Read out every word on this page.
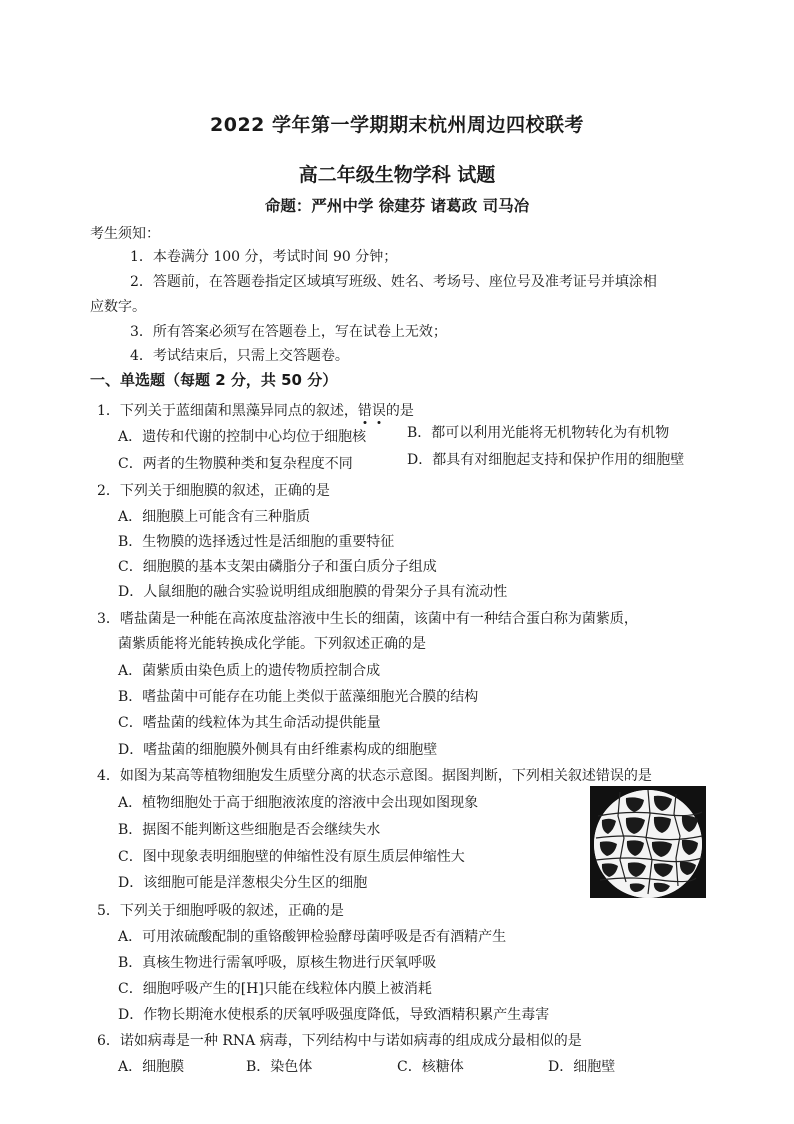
2022 学年第一学期期末杭州周边四校联考
高二年级生物学科 试题
命题：严州中学 徐建芬 诸葛政 司马冶
考生须知：
1．本卷满分 100 分，考试时间 90 分钟；
2．答题前，在答题卷指定区域填写班级、姓名、考场号、座位号及准考证号并填涂相
应数字。
3．所有答案必须写在答题卷上，写在试卷上无效；
4．考试结束后，只需上交答题卷。
一、单选题（每题 2 分，共 50 分）
1．下列关于蓝细菌和黑藻异同点的叙述，错误的是
A．遗传和代谢的控制中心均位于细胞核	B．都可以利用光能将无机物转化为有机物
C．两者的生物膜种类和复杂程度不同	D．都具有对细胞起支持和保护作用的细胞壁
2．下列关于细胞膜的叙述，正确的是
A．细胞膜上可能含有三种脂质
B．生物膜的选择透过性是活细胞的重要特征
C．细胞膜的基本支架由磷脂分子和蛋白质分子组成
D．人鼠细胞的融合实验说明组成细胞膜的骨架分子具有流动性
3．嗜盐菌是一种能在高浓度盐溶液中生长的细菌，该菌中有一种结合蛋白称为菌紫质，
菌紫质能将光能转换成化学能。下列叙述正确的是
A．菌紫质由染色质上的遗传物质控制合成
B．嗜盐菌中可能存在功能上类似于蓝藻细胞光合膜的结构
C．嗜盐菌的线粒体为其生命活动提供能量
D．嗜盐菌的细胞膜外侧具有由纤维素构成的细胞壁
4．如图为某高等植物细胞发生质壁分离的状态示意图。据图判断，下列相关叙述错误的是
A．植物细胞处于高于细胞液浓度的溶液中会出现如图现象
B．据图不能判断这些细胞是否会继续失水
C．图中现象表明细胞壁的伸缩性没有原生质层伸缩性大
D．该细胞可能是洋葱根尖分生区的细胞
5．下列关于细胞呼吸的叙述，正确的是
A．可用浓硫酸配制的重铬酸钾检验酵母菌呼吸是否有酒精产生
B．真核生物进行需氧呼吸，原核生物进行厌氧呼吸
C．细胞呼吸产生的[H]只能在线粒体内膜上被消耗
D．作物长期淹水使根系的厌氧呼吸强度降低，导致酒精积累产生毒害
6．诺如病毒是一种 RNA 病毒，下列结构中与诺如病毒的组成成分最相似的是
A．细胞膜	B．染色体	C．核糖体	D．细胞壁
